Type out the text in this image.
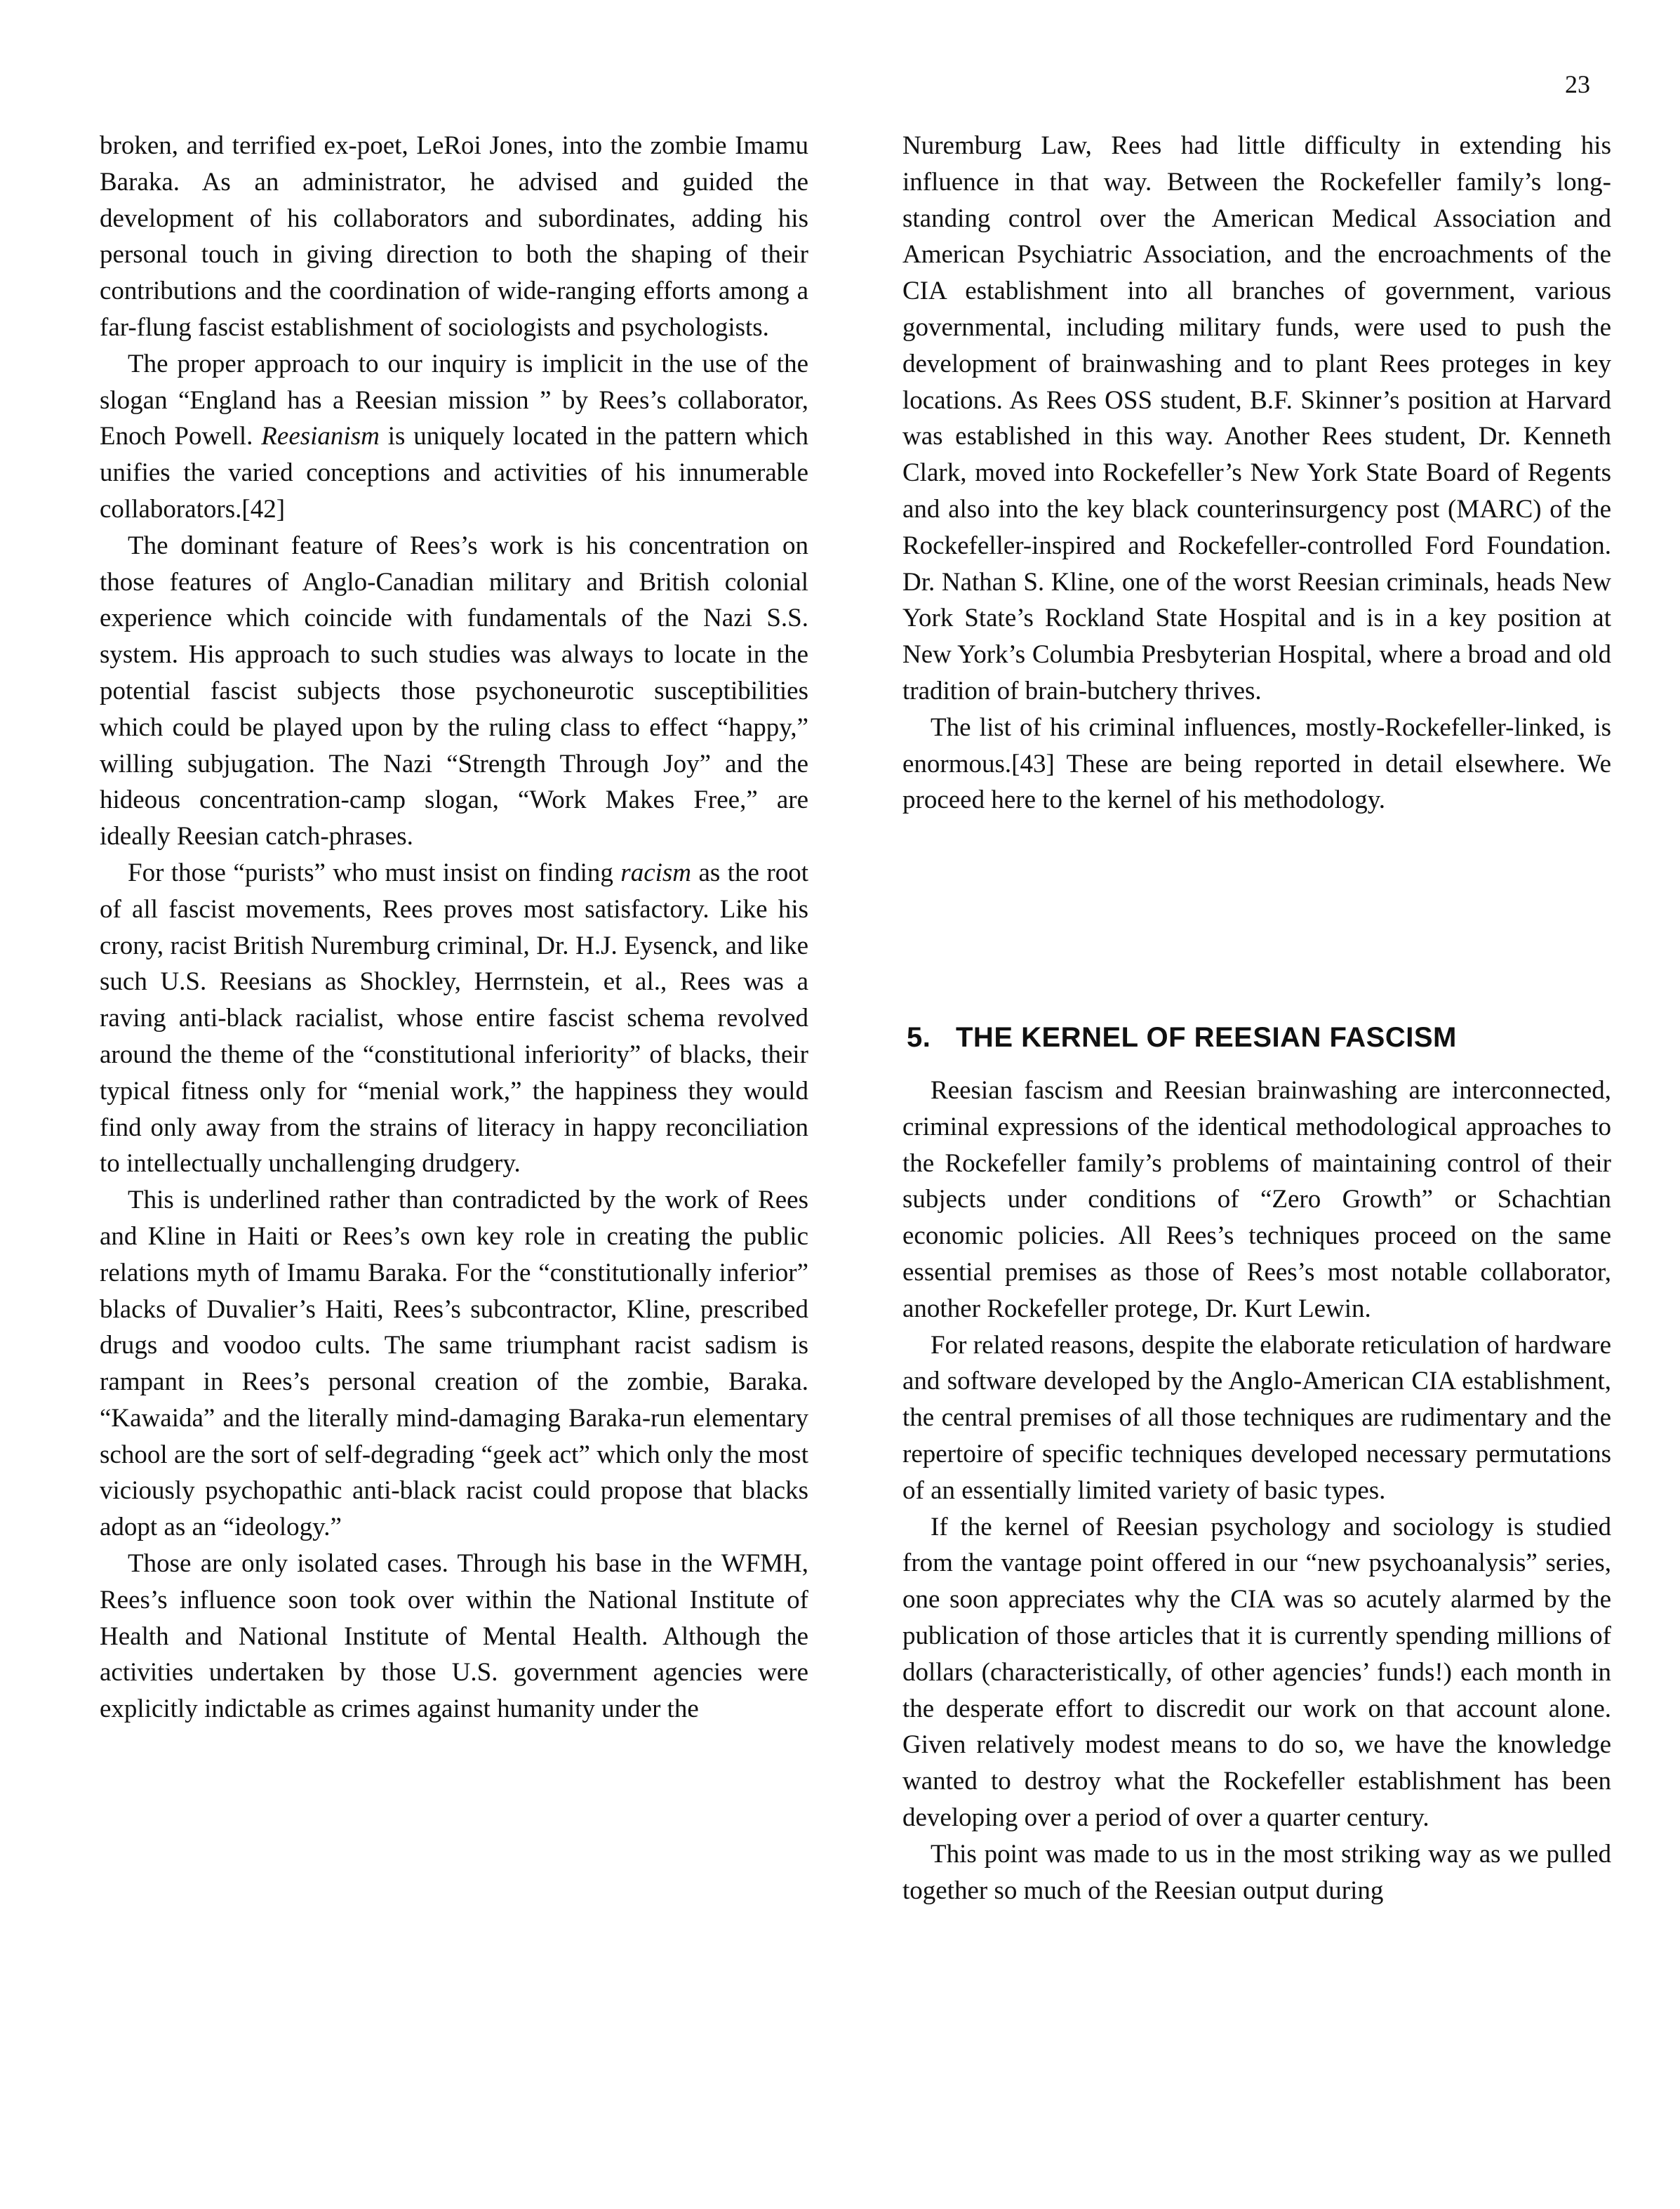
23

broken, and terrified ex-poet, LeRoi Jones, into the zombie Imamu Baraka. As an administrator, he advised and guided the development of his collaborators and subordinates, adding his personal touch in giving direction to both the shaping of their contributions and the coordination of wide-ranging efforts among a far-flung fascist establishment of sociologists and psychologists.

The proper approach to our inquiry is implicit in the use of the slogan “England has a Reesian mission ” by Rees’s collaborator, Enoch Powell. Reesianism is uniquely located in the pattern which unifies the varied conceptions and activities of his innumerable collaborators.[42]

The dominant feature of Rees’s work is his concentration on those features of Anglo-Canadian military and British colonial experience which coincide with fundamentals of the Nazi S.S. system. His approach to such studies was always to locate in the potential fascist subjects those psychoneurotic susceptibilities which could be played upon by the ruling class to effect “happy,” willing subjugation. The Nazi “Strength Through Joy” and the hideous concentration-camp slogan, “Work Makes Free,” are ideally Reesian catch-phrases.

For those “purists” who must insist on finding racism as the root of all fascist movements, Rees proves most satisfactory. Like his crony, racist British Nuremburg criminal, Dr. H.J. Eysenck, and like such U.S. Reesians as Shockley, Herrnstein, et al., Rees was a raving anti-black racialist, whose entire fascist schema revolved around the theme of the “constitutional inferiority” of blacks, their typical fitness only for “menial work,” the happiness they would find only away from the strains of literacy in happy reconciliation to intellectually unchallenging drudgery.

This is underlined rather than contradicted by the work of Rees and Kline in Haiti or Rees’s own key role in creating the public relations myth of Imamu Baraka. For the “constitutionally inferior” blacks of Duvalier’s Haiti, Rees’s subcontractor, Kline, prescribed drugs and voodoo cults. The same triumphant racist sadism is rampant in Rees’s personal creation of the zombie, Baraka. “Kawaida” and the literally mind-damaging Baraka-run elementary school are the sort of self-degrading “geek act” which only the most viciously psychopathic anti-black racist could propose that blacks adopt as an “ideology.”

Those are only isolated cases. Through his base in the WFMH, Rees’s influence soon took over within the National Institute of Health and National Institute of Mental Health. Although the activities undertaken by those U.S. government agencies were explicitly indictable as crimes against humanity under the

Nuremburg Law, Rees had little difficulty in extending his influence in that way. Between the Rockefeller family’s long-standing control over the American Medical Association and American Psychiatric Association, and the encroachments of the CIA establishment into all branches of government, various governmental, including military funds, were used to push the development of brainwashing and to plant Rees proteges in key locations. As Rees OSS student, B.F. Skinner’s position at Harvard was established in this way. Another Rees student, Dr. Kenneth Clark, moved into Rockefeller’s New York State Board of Regents and also into the key black counterinsurgency post (MARC) of the Rockefeller-inspired and Rockefeller-controlled Ford Foundation. Dr. Nathan S. Kline, one of the worst Reesian criminals, heads New York State’s Rockland State Hospital and is in a key position at New York’s Columbia Presbyterian Hospital, where a broad and old tradition of brain-butchery thrives.

The list of his criminal influences, mostly-Rockefeller-linked, is enormous.[43] These are being reported in detail elsewhere. We proceed here to the kernel of his methodology.

5. THE KERNEL OF REESIAN FASCISM

Reesian fascism and Reesian brainwashing are interconnected, criminal expressions of the identical methodological approaches to the Rockefeller family’s problems of maintaining control of their subjects under conditions of “Zero Growth” or Schachtian economic policies. All Rees’s techniques proceed on the same essential premises as those of Rees’s most notable collaborator, another Rockefeller protege, Dr. Kurt Lewin.

For related reasons, despite the elaborate reticulation of hardware and software developed by the Anglo-American CIA establishment, the central premises of all those techniques are rudimentary and the repertoire of specific techniques developed necessary permutations of an essentially limited variety of basic types.

If the kernel of Reesian psychology and sociology is studied from the vantage point offered in our “new psychoanalysis” series, one soon appreciates why the CIA was so acutely alarmed by the publication of those articles that it is currently spending millions of dollars (characteristically, of other agencies’ funds!) each month in the desperate effort to discredit our work on that account alone. Given relatively modest means to do so, we have the knowledge wanted to destroy what the Rockefeller establishment has been developing over a period of over a quarter century.

This point was made to us in the most striking way as we pulled together so much of the Reesian output during
